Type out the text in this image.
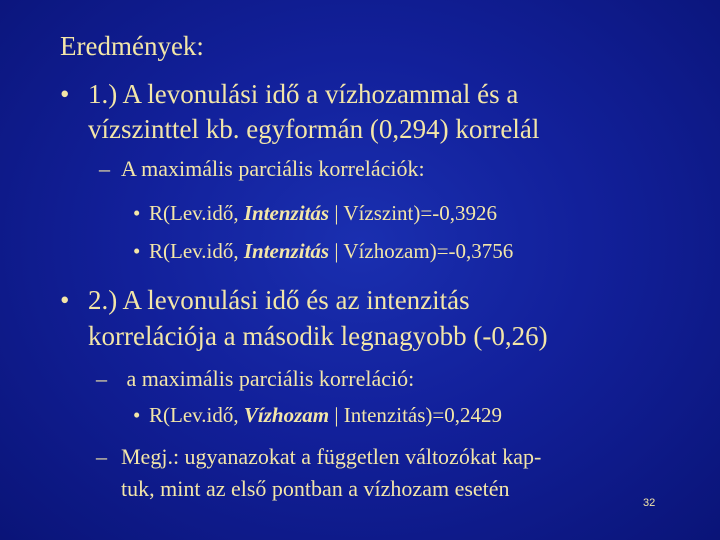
Eredmények:
• 1.) A levonulási idő a vízhozammal és a
vízszinttel kb. egyformán (0,294) korrelál
– A maximális parciális korrelációk:
• R(Lev.idő, Intenzitás | Vízszint)=-0,3926
• R(Lev.idő, Intenzitás | Vízhozam)=-0,3756
• 2.) A levonulási idő és az intenzitás
korrelációja a második legnagyobb (-0,26)
– a maximális parciális korreláció:
• R(Lev.idő, Vízhozam | Intenzitás)=0,2429
– Megj.: ugyanazokat a független változókat kap-
tuk, mint az első pontban a vízhozam esetén
32
